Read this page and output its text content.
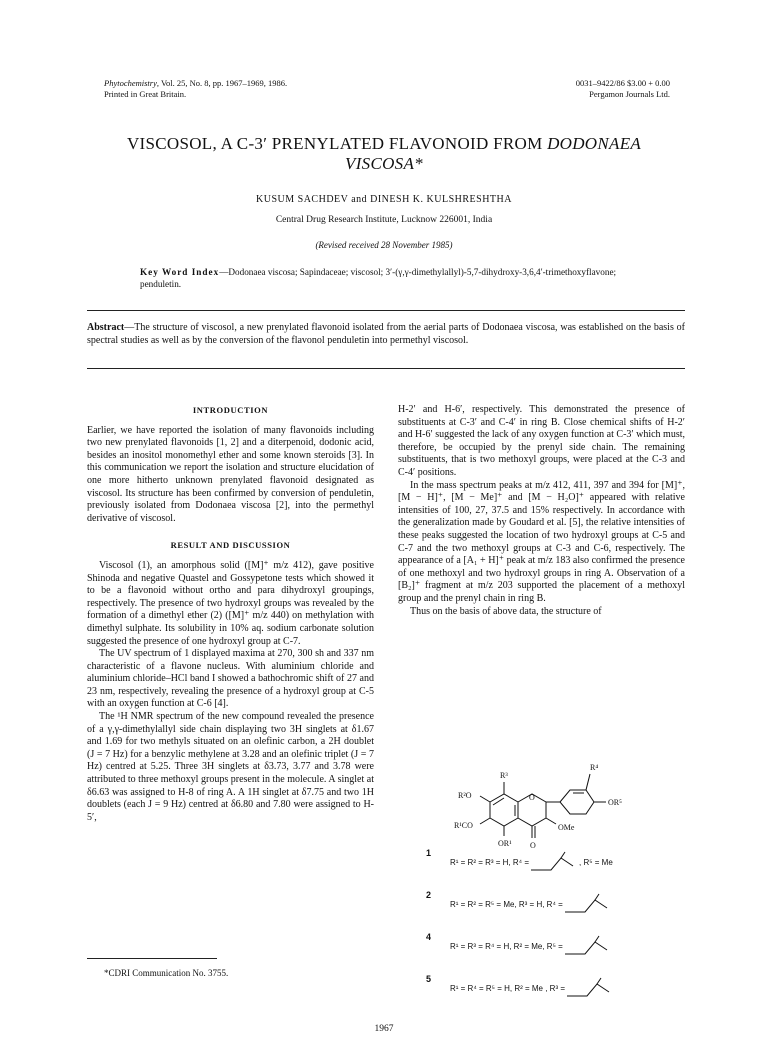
Phytochemistry, Vol. 25, No. 8, pp. 1967–1969, 1986.
Printed in Great Britain.
0031–9422/86 $3.00 + 0.00
Pergamon Journals Ltd.
VISCOSOL, A C-3′ PRENYLATED FLAVONOID FROM DODONAEA
VISCOSA*
KUSUM SACHDEV and DINESH K. KULSHRESHTHA
Central Drug Research Institute, Lucknow 226001, India
(Revised received 28 November 1985)
Key Word Index—Dodonaea viscosa; Sapindaceae; viscosol; 3′-(γ,γ-dimethylallyl)-5,7-dihydroxy-3,6,4′-trimethoxyflavone; penduletin.
Abstract—The structure of viscosol, a new prenylated flavonoid isolated from the aerial parts of Dodonaea viscosa, was established on the basis of spectral studies as well as by the conversion of the flavonol penduletin into permethyl viscosol.
INTRODUCTION

Earlier, we have reported the isolation of many flavonoids including two new prenylated flavonoids [1, 2] and a diterpenoid, dodonic acid, besides an inositol monomethyl ether and some known steroids [3]. In this communication we report the isolation and structure elucidation of one more hitherto unknown prenylated flavonoid designated as viscosol. Its structure has been confirmed by conversion of penduletin, previously isolated from Dodonaea viscosa [2], into the permethyl derivative of viscosol.

RESULT AND DISCUSSION

Viscosol (1), an amorphous solid ([M]⁺ m/z 412), gave positive Shinoda and negative Quastel and Gossypetone tests which showed it to be a flavonoid without ortho and para dihydroxyl groupings, respectively. The presence of two hydroxyl groups was revealed by the formation of a dimethyl ether (2) ([M]⁺ m/z 440) on methylation with dimethyl sulphate. Its solubility in 10% aq. sodium carbonate solution suggested the presence of one hydroxyl group at C-7.

The UV spectrum of 1 displayed maxima at 270, 300 sh and 337 nm characteristic of a flavone nucleus. With aluminium chloride and aluminium chloride–HCl band I showed a bathochromic shift of 27 and 23 nm, respectively, revealing the presence of a hydroxyl group at C-5 with an oxygen function at C-6 [4].

The ¹H NMR spectrum of the new compound revealed the presence of a γ,γ-dimethylallyl side chain displaying two 3H singlets at δ1.67 and 1.69 for two methyls situated on an olefinic carbon, a 2H doublet (J = 7 Hz) for a benzylic methylene at 3.28 and an olefinic triplet (J = 7 Hz) centred at 5.25. Three 3H singlets at δ3.73, 3.77 and 3.78 were attributed to three methoxyl groups present in the molecule. A singlet at δ6.63 was assigned to H-8 of ring A. A 1H singlet at δ7.75 and two 1H doublets (each J = 9 Hz) centred at δ6.80 and 7.80 were assigned to H-5′,

H-2′ and H-6′, respectively. This demonstrated the presence of substituents at C-3′ and C-4′ in ring B. Close chemical shifts of H-2′ and H-6′ suggested the lack of any oxygen function at C-3′ which must, therefore, be occupied by the prenyl side chain. The remaining substituents, that is two methoxyl groups, were placed at the C-3 and C-4′ positions.

In the mass spectrum peaks at m/z 412, 411, 397 and 394 for [M]⁺, [M − H]⁺, [M − Me]⁺ and [M − H₂O]⁺ appeared with relative intensities of 100, 27, 37.5 and 15% respectively. In accordance with the generalization made by Goudard et al. [5], the relative intensities of these peaks suggested the location of two hydroxyl groups at C-5 and C-7 and the two methoxyl groups at C-3 and C-6, respectively. The appearance of a [A₁ + H]⁺ peak at m/z 183 also confirmed the presence of one methoxyl and two hydroxyl groups in ring A. Observation of a [B₂]⁺ fragment at m/z 203 supported the placement of a methoxyl group and the prenyl chain in ring B.

Thus on the basis of above data, the structure of

R⁴
R³
R²O	O
OR⁵
R¹CO	OMe
OR¹ O
1
R¹ = R² = R³ = H, R⁴ =	, R⁵ = Me
2
R¹ = R² = R⁵ = Me, R³ = H, R⁴ =
4
R¹ = R³ = R⁴ = H, R² = Me, R⁵ =
5
R¹ = R⁴ = R⁵ = H, R² = Me , R³ =
*CDRI Communication No. 3755.
1967
